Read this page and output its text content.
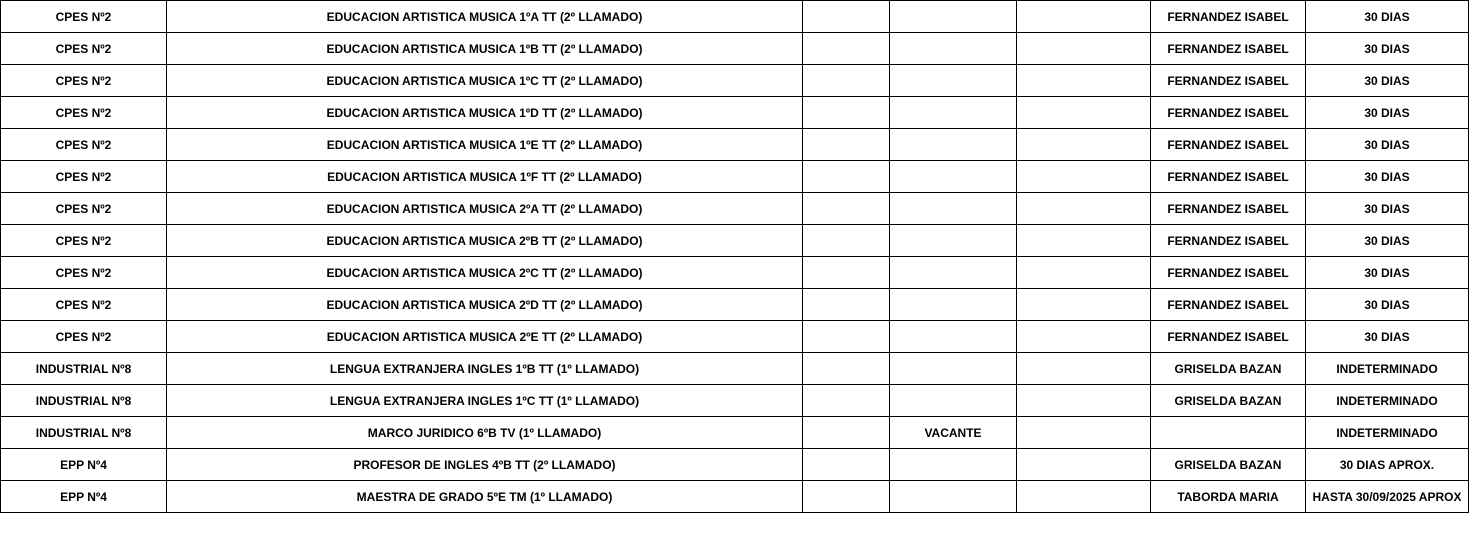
CPES Nº2	EDUCACION ARTISTICA MUSICA 1ºA TT (2º LLAMADO)				FERNANDEZ ISABEL	30 DIAS
CPES Nº2	EDUCACION ARTISTICA MUSICA 1ºB TT (2º LLAMADO)				FERNANDEZ ISABEL	30 DIAS
CPES Nº2	EDUCACION ARTISTICA MUSICA 1ºC TT (2º LLAMADO)				FERNANDEZ ISABEL	30 DIAS
CPES Nº2	EDUCACION ARTISTICA MUSICA 1ºD TT (2º LLAMADO)				FERNANDEZ ISABEL	30 DIAS
CPES Nº2	EDUCACION ARTISTICA MUSICA 1ºE TT (2º LLAMADO)				FERNANDEZ ISABEL	30 DIAS
CPES Nº2	EDUCACION ARTISTICA MUSICA 1ºF TT (2º LLAMADO)				FERNANDEZ ISABEL	30 DIAS
CPES Nº2	EDUCACION ARTISTICA MUSICA 2ºA TT (2º LLAMADO)				FERNANDEZ ISABEL	30 DIAS
CPES Nº2	EDUCACION ARTISTICA MUSICA 2ºB TT (2º LLAMADO)				FERNANDEZ ISABEL	30 DIAS
CPES Nº2	EDUCACION ARTISTICA MUSICA 2ºC TT (2º LLAMADO)				FERNANDEZ ISABEL	30 DIAS
CPES Nº2	EDUCACION ARTISTICA MUSICA 2ºD TT (2º LLAMADO)				FERNANDEZ ISABEL	30 DIAS
CPES Nº2	EDUCACION ARTISTICA MUSICA 2ºE TT (2º LLAMADO)				FERNANDEZ ISABEL	30 DIAS
INDUSTRIAL Nº8	LENGUA EXTRANJERA INGLES 1ºB TT (1º LLAMADO)				GRISELDA BAZAN	INDETERMINADO
INDUSTRIAL Nº8	LENGUA EXTRANJERA INGLES 1ºC TT (1º LLAMADO)				GRISELDA BAZAN	INDETERMINADO
INDUSTRIAL Nº8	MARCO JURIDICO 6ºB TV (1º LLAMADO)		VACANTE			INDETERMINADO
EPP Nº4	PROFESOR DE INGLES 4ºB TT (2º LLAMADO)				GRISELDA BAZAN	30 DIAS APROX.
EPP Nº4	MAESTRA DE GRADO 5ºE TM (1º LLAMADO)				TABORDA MARIA	HASTA 30/09/2025 APROX
